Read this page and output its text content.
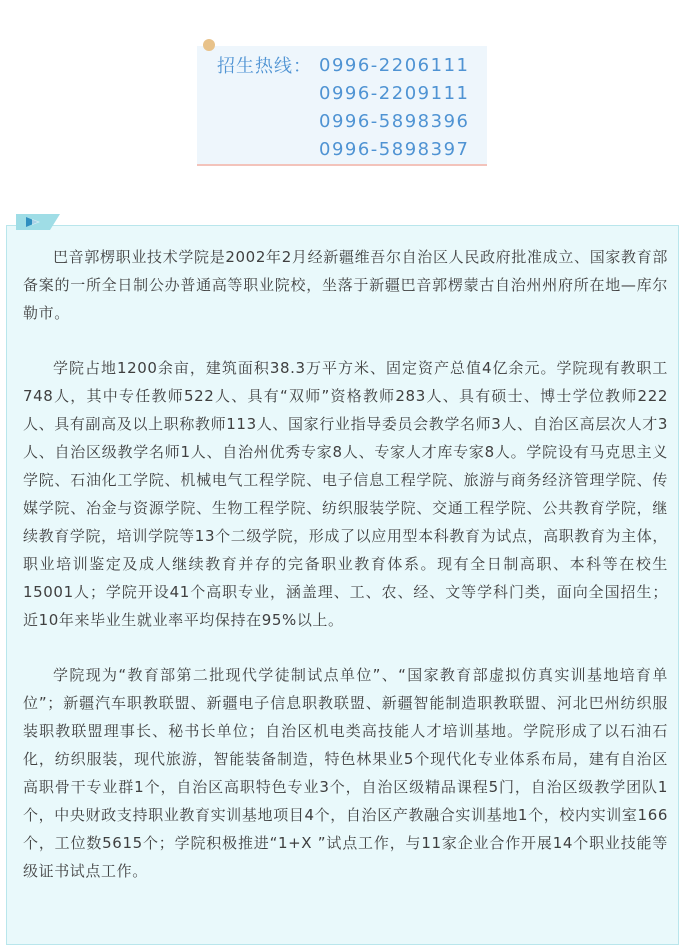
招生热线： 0996-2206111
0996-2209111
0996-5898396
0996-5898397

巴音郭楞职业技术学院是2002年2月经新疆维吾尔自治区人民政府批准成立、国家教育部备案的一所全日制公办普通高等职业院校，坐落于新疆巴音郭楞蒙古自治州州府所在地—库尔勒市。

学院占地1200余亩，建筑面积38.3万平方米、固定资产总值4亿余元。学院现有教职工748人，其中专任教师522人、具有“双师”资格教师283人、具有硕士、博士学位教师222人、具有副高及以上职称教师113人、国家行业指导委员会教学名师3人、自治区高层次人才3人、自治区级教学名师1人、自治州优秀专家8人、专家人才库专家8人。学院设有马克思主义学院、石油化工学院、机械电气工程学院、电子信息工程学院、旅游与商务经济管理学院、传媒学院、冶金与资源学院、生物工程学院、纺织服装学院、交通工程学院、公共教育学院，继续教育学院，培训学院等13个二级学院，形成了以应用型本科教育为试点，高职教育为主体，职业培训鉴定及成人继续教育并存的完备职业教育体系。现有全日制高职、本科等在校生15001人；学院开设41个高职专业，涵盖理、工、农、经、文等学科门类，面向全国招生；近10年来毕业生就业率平均保持在95%以上。

学院现为“教育部第二批现代学徒制试点单位”、“国家教育部虚拟仿真实训基地培育单位”；新疆汽车职教联盟、新疆电子信息职教联盟、新疆智能制造职教联盟、河北巴州纺织服装职教联盟理事长、秘书长单位；自治区机电类高技能人才培训基地。学院形成了以石油石化，纺织服装，现代旅游，智能装备制造，特色林果业5个现代化专业体系布局，建有自治区高职骨干专业群1个，自治区高职特色专业3个，自治区级精品课程5门，自治区级教学团队1个，中央财政支持职业教育实训基地项目4个，自治区产教融合实训基地1个，校内实训室166个，工位数5615个；学院积极推进“1+X ”试点工作，与11家企业合作开展14个职业技能等级证书试点工作。
